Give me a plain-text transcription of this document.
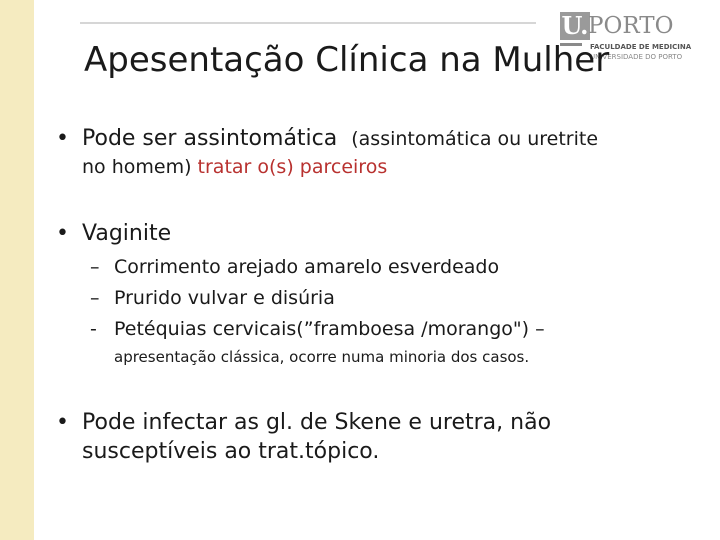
U. PORTO
FACULDADE DE MEDICINA
UNIVERSIDADE DO PORTO
Apesentação Clínica na Mulher
• Pode ser assintomática (assintomática ou uretrite
no homem) tratar o(s) parceiros
• Vaginite
– Corrimento arejado amarelo esverdeado
– Prurido vulvar e disúria
- Petéquias cervicais(”framboesa /morango") –
apresentação clássica, ocorre numa minoria dos casos.
• Pode infectar as gl. de Skene e uretra, não
susceptíveis ao trat.tópico.
